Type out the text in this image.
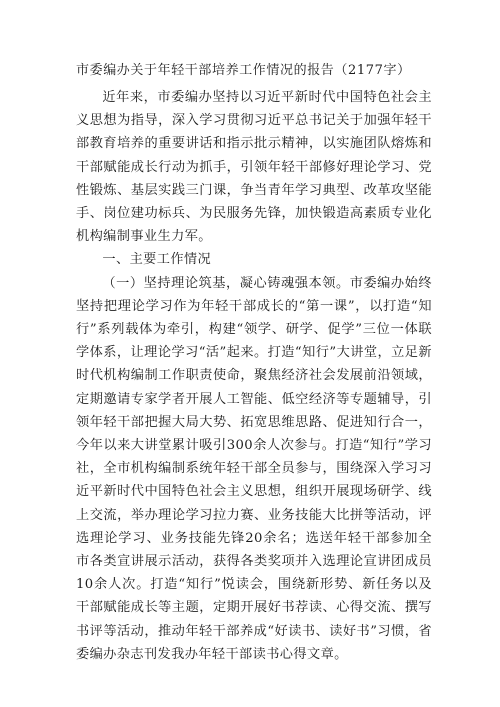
市委编办关于年轻干部培养工作情况的报告（2177字）

近年来，市委编办坚持以习近平新时代中国特色社会主义思想为指导，深入学习贯彻习近平总书记关于加强年轻干部教育培养的重要讲话和指示批示精神，以实施团队熔炼和干部赋能成长行动为抓手，引领年轻干部修好理论学习、党性锻炼、基层实践三门课，争当青年学习典型、改革攻坚能手、岗位建功标兵、为民服务先锋，加快锻造高素质专业化机构编制事业生力军。

一、主要工作情况

（一）坚持理论筑基，凝心铸魂强本领。市委编办始终坚持把理论学习作为年轻干部成长的“第一课”，以打造“知行”系列载体为牵引，构建“领学、研学、促学”三位一体联学体系，让理论学习“活”起来。打造“知行”大讲堂，立足新时代机构编制工作职责使命，聚焦经济社会发展前沿领域，定期邀请专家学者开展人工智能、低空经济等专题辅导，引领年轻干部把握大局大势、拓宽思维思路、促进知行合一，今年以来大讲堂累计吸引300余人次参与。打造“知行”学习社，全市机构编制系统年轻干部全员参与，围绕深入学习习近平新时代中国特色社会主义思想，组织开展现场研学、线上交流，举办理论学习拉力赛、业务技能大比拼等活动，评选理论学习、业务技能先锋20余名；选送年轻干部参加全市各类宣讲展示活动，获得各类奖项并入选理论宣讲团成员10余人次。打造“知行”悦读会，围绕新形势、新任务以及干部赋能成长等主题，定期开展好书荐读、心得交流、撰写书评等活动，推动年轻干部养成“好读书、读好书”习惯，省委编办杂志刊发我办年轻干部读书心得文章。
